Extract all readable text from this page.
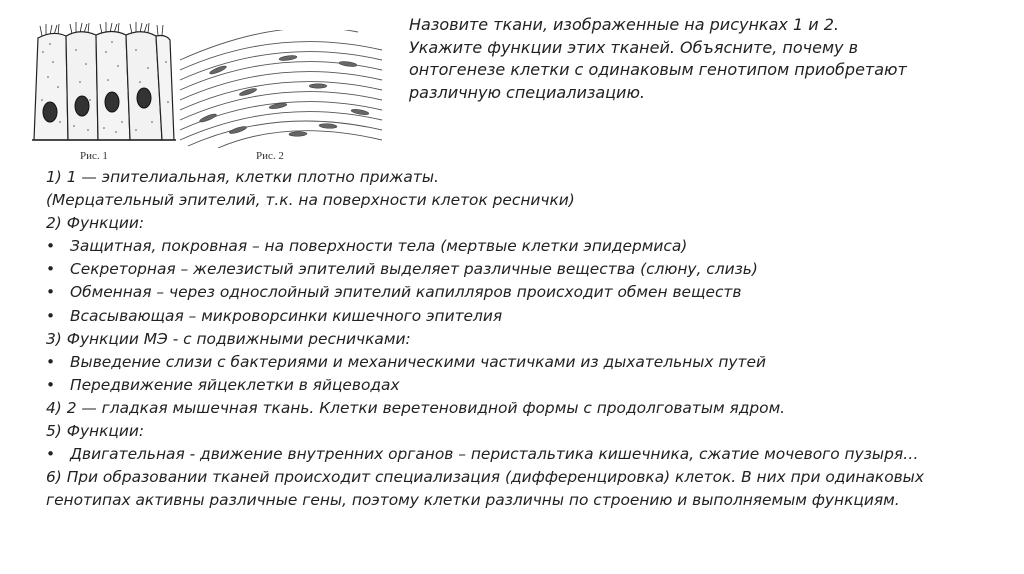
Рис. 1	Рис. 2
Назовите ткани, изображенные на рисунках 1 и 2. Укажите функции этих тканей. Объясните, почему в онтогенезе клетки с одинаковым генотипом приобретают различную специализацию.
1) 1 — эпителиальная, клетки плотно прижаты.
(Мерцательный эпителий, т.к. на поверхности клеток реснички)
2) Функции:
• Защитная, покровная – на поверхности тела (мертвые клетки эпидермиса)
• Секреторная – железистый эпителий выделяет различные вещества (слюну, слизь)
• Обменная – через однослойный эпителий капилляров происходит обмен веществ
• Всасывающая – микроворсинки кишечного эпителия
3) Функции МЭ - с подвижными ресничками:
• Выведение слизи с бактериями и механическими частичками из дыхательных путей
• Передвижение яйцеклетки в яйцеводах
4) 2 — гладкая мышечная ткань. Клетки веретеновидной формы с продолговатым ядром.
5) Функции:
• Двигательная - движение внутренних органов – перистальтика кишечника, сжатие мочевого пузыря…
6) При образовании тканей происходит специализация (дифференцировка) клеток. В них при одинаковых генотипах активны различные гены, поэтому клетки различны по строению и выполняемым функциям.
